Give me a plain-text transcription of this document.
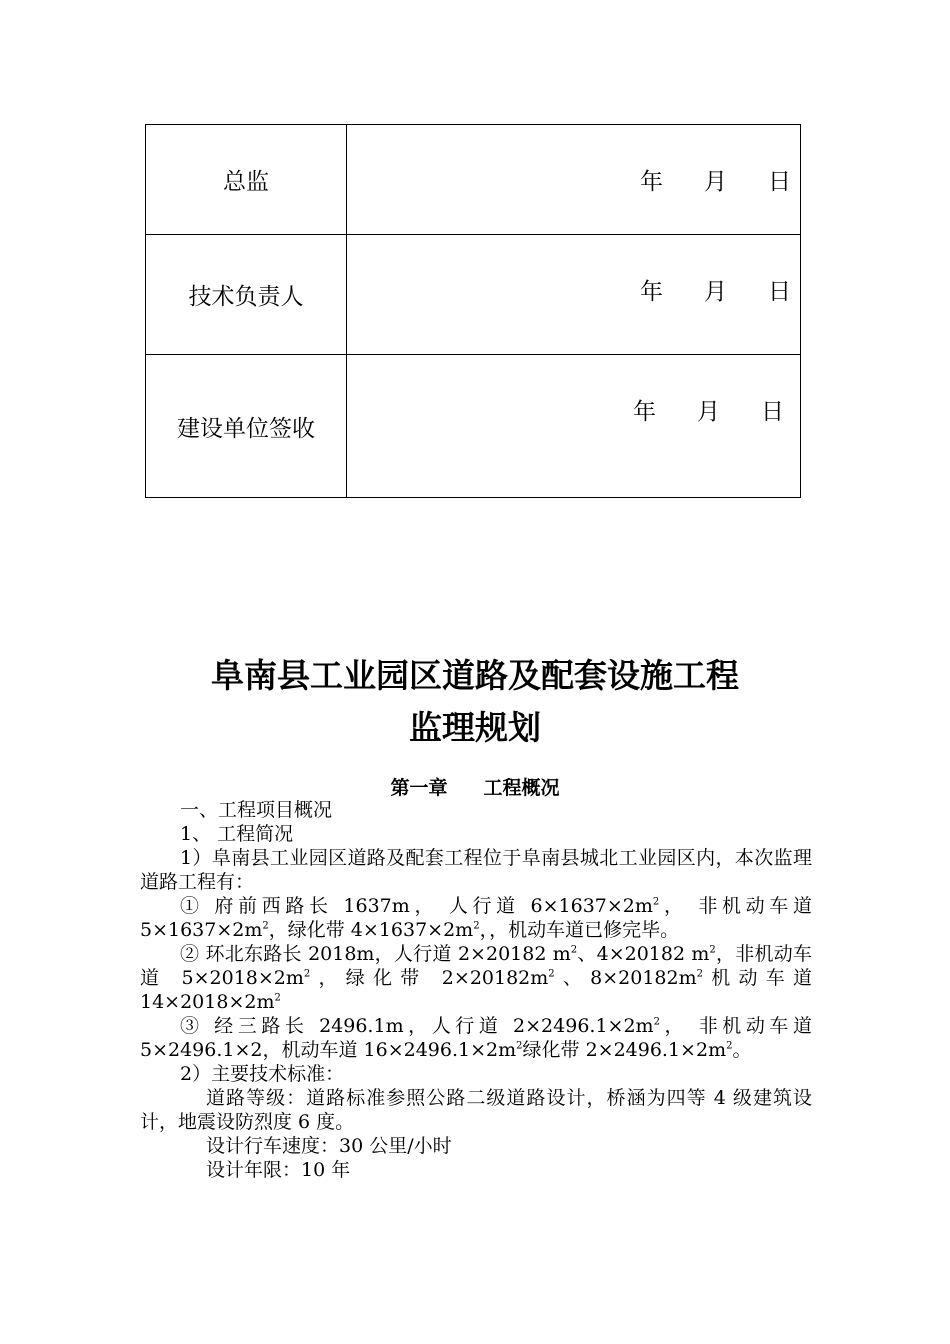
总监	年 月 日

技术负责人	年 月 日

建设单位签收	年 月 日
阜南县工业园区道路及配套设施工程
监理规划
第一章 工程概况

一、工程项目概况

1、 工程简况

1）阜南县工业园区道路及配套工程位于阜南县城北工业园区内，本次监理道路工程有：

① 府前西路长 1637m， 人行道 $6\times 1637\times 2m^2$， 非机动车道 $5\times 1637\times 2m^2$，绿化带 $4\times 1637\times 2m^2$，，机动车道已修完毕。

② 环北东路长 2018m，人行道 2×20182 $m^2$、4×20182 $m^2$，非机动车道 $5\times 2018\times 2m^2$，绿化带 $2\times 20182m^2$、$8\times 20182m^2$机动车道 $14\times 2018\times 2m^2$

③ 经三路长 2496.1m，人行道 $2\times 2496.1\times 2m^2$， 非机动车道 5×2496.1×2，机动车道 $16\times 2496.1\times 2m^2$绿化带 $2\times 2496.1\times 2m^2$。

2）主要技术标准：

道路等级：道路标准参照公路二级道路设计，桥涵为四等 4 级建筑设计，地震设防烈度 6 度。

设计行车速度：30 公里/小时

设计年限：10 年
